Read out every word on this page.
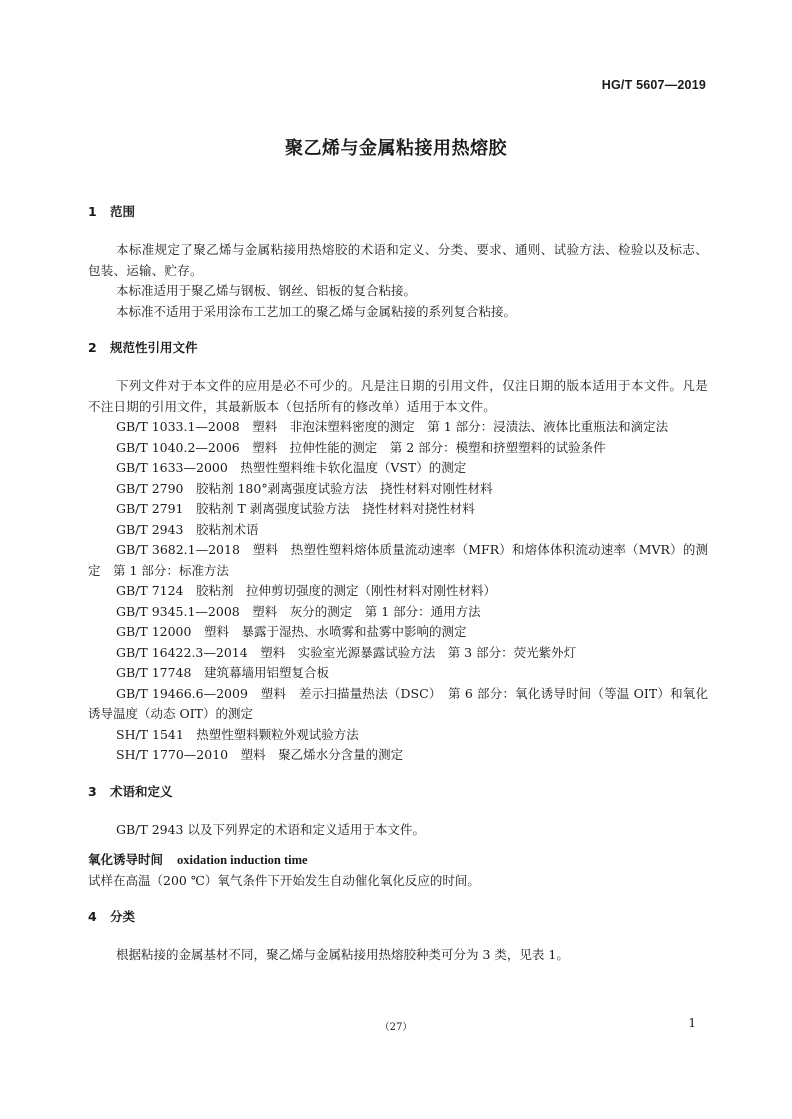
HG/T 5607—2019
聚乙烯与金属粘接用热熔胶
1 范围

本标准规定了聚乙烯与金属粘接用热熔胶的术语和定义、分类、要求、通则、试验方法、检验以及标志、包装、运输、贮存。

本标准适用于聚乙烯与钢板、钢丝、铝板的复合粘接。

本标准不适用于采用涂布工艺加工的聚乙烯与金属粘接的系列复合粘接。

2 规范性引用文件

下列文件对于本文件的应用是必不可少的。凡是注日期的引用文件，仅注日期的版本适用于本文件。凡是不注日期的引用文件，其最新版本（包括所有的修改单）适用于本文件。

GB/T 1033.1—2008　塑料　非泡沫塑料密度的测定　第 1 部分：浸渍法、液体比重瓶法和滴定法

GB/T 1040.2—2006　塑料　拉伸性能的测定　第 2 部分：模塑和挤塑塑料的试验条件

GB/T 1633—2000　热塑性塑料维卡软化温度（VST）的测定

GB/T 2790　胶粘剂 180°剥离强度试验方法　挠性材料对刚性材料

GB/T 2791　胶粘剂 T 剥离强度试验方法　挠性材料对挠性材料

GB/T 2943　胶粘剂术语

GB/T 3682.1—2018　塑料　热塑性塑料熔体质量流动速率（MFR）和熔体体积流动速率（MVR）的测定　第 1 部分：标准方法

GB/T 7124　胶粘剂　拉伸剪切强度的测定（刚性材料对刚性材料）

GB/T 9345.1—2008　塑料　灰分的测定　第 1 部分：通用方法

GB/T 12000　塑料　暴露于湿热、水喷雾和盐雾中影响的测定

GB/T 16422.3—2014　塑料　实验室光源暴露试验方法　第 3 部分：荧光紫外灯

GB/T 17748　建筑幕墙用铝塑复合板

GB/T 19466.6—2009　塑料　差示扫描量热法（DSC）　第 6 部分：氧化诱导时间（等温 OIT）和氧化诱导温度（动态 OIT）的测定

SH/T 1541　热塑性塑料颗粒外观试验方法

SH/T 1770—2010　塑料　聚乙烯水分含量的测定

3 术语和定义

GB/T 2943 以及下列界定的术语和定义适用于本文件。

氧化诱导时间 oxidation induction time

试样在高温（200 ℃）氧气条件下开始发生自动催化氧化反应的时间。

4 分类

根据粘接的金属基材不同，聚乙烯与金属粘接用热熔胶种类可分为 3 类，见表 1。

（27）	1
